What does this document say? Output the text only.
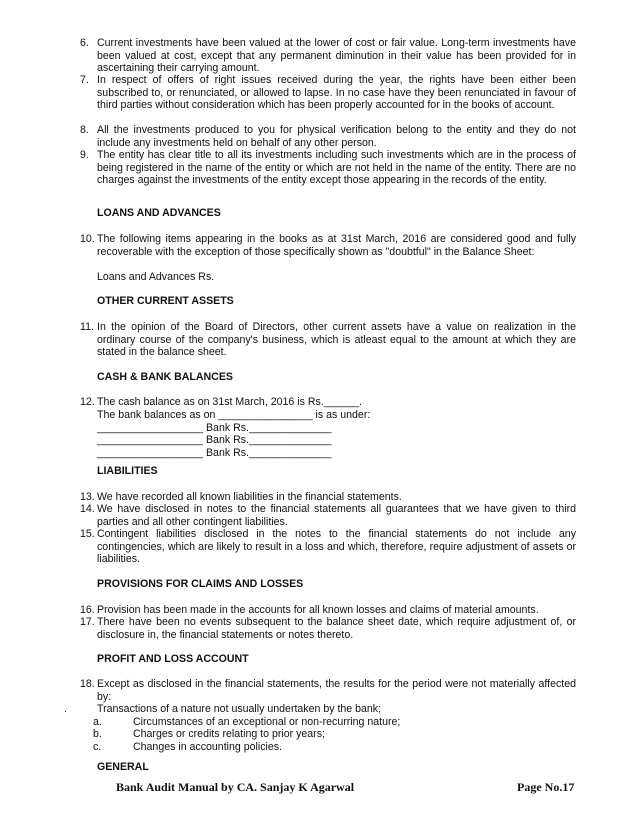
6. Current investments have been valued at the lower of cost or fair value. Long-term investments have been valued at cost, except that any permanent diminution in their value has been provided for in ascertaining their carrying amount.

7. In respect of offers of right issues received during the year, the rights have been either been subscribed to, or renunciated, or allowed to lapse. In no case have they been renunciated in favour of third parties without consideration which has been properly accounted for in the books of account.

8. All the investments produced to you for physical verification belong to the entity and they do not include any investments held on behalf of any other person.

9. The entity has clear title to all its investments including such investments which are in the process of being registered in the name of the entity or which are not held in the name of the entity. There are no charges against the investments of the entity except those appearing in the records of the entity.

LOANS AND ADVANCES
10. The following items appearing in the books as at 31st March, 2016 are considered good and fully recoverable with the exception of those specifically shown as "doubtful" in the Balance Sheet:

Loans and Advances Rs.
OTHER CURRENT ASSETS
11. In the opinion of the Board of Directors, other current assets have a value on realization in the ordinary course of the company's business, which is atleast equal to the amount at which they are stated in the balance sheet.

CASH & BANK BALANCES
12. The cash balance as on 31st March, 2016 is Rs.______.
The bank balances as on ________________ is as under:
__________________ Bank Rs.______________
__________________ Bank Rs.______________
__________________ Bank Rs.______________
LIABILITIES
13. We have recorded all known liabilities in the financial statements.

14. We have disclosed in notes to the financial statements all guarantees that we have given to third parties and all other contingent liabilities.

15. Contingent liabilities disclosed in the notes to the financial statements do not include any contingencies, which are likely to result in a loss and which, therefore, require adjustment of assets or liabilities.

PROVISIONS FOR CLAIMS AND LOSSES
16. Provision has been made in the accounts for all known losses and claims of material amounts.

17. There have been no events subsequent to the balance sheet date, which require adjustment of, or disclosure in, the financial statements or notes thereto.

PROFIT AND LOSS ACCOUNT
18. Except as disclosed in the financial statements, the results for the period were not materially affected by:

.	Transactions of a nature not usually undertaken by the bank;
a.	Circumstances of an exceptional or non-recurring nature;
b.	Charges or credits relating to prior years;
c.	Changes in accounting policies.
GENERAL
Bank Audit Manual by CA. Sanjay K Agarwal	Page No.17
